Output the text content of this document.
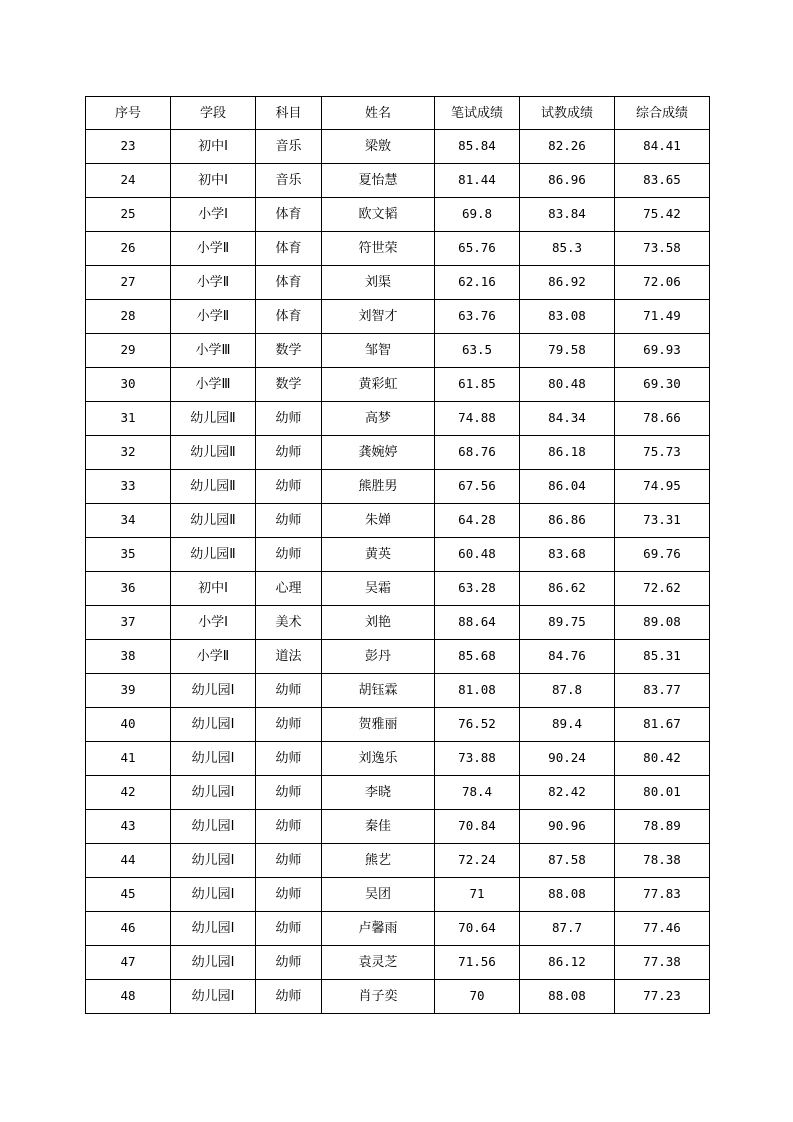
序号	学段	科目	姓名	笔试成绩	试教成绩	综合成绩
23	初中Ⅰ	音乐	梁敫	85.84	82.26	84.41
24	初中Ⅰ	音乐	夏怡慧	81.44	86.96	83.65
25	小学Ⅰ	体育	欧文韬	69.8	83.84	75.42
26	小学Ⅱ	体育	符世荣	65.76	85.3	73.58
27	小学Ⅱ	体育	刘渠	62.16	86.92	72.06
28	小学Ⅱ	体育	刘智才	63.76	83.08	71.49
29	小学Ⅲ	数学	邹智	63.5	79.58	69.93
30	小学Ⅲ	数学	黄彩虹	61.85	80.48	69.30
31	幼儿园Ⅱ	幼师	高梦	74.88	84.34	78.66
32	幼儿园Ⅱ	幼师	龚婉婷	68.76	86.18	75.73
33	幼儿园Ⅱ	幼师	熊胜男	67.56	86.04	74.95
34	幼儿园Ⅱ	幼师	朱婵	64.28	86.86	73.31
35	幼儿园Ⅱ	幼师	黄英	60.48	83.68	69.76
36	初中Ⅰ	心理	吴霜	63.28	86.62	72.62
37	小学Ⅰ	美术	刘艳	88.64	89.75	89.08
38	小学Ⅱ	道法	彭丹	85.68	84.76	85.31
39	幼儿园Ⅰ	幼师	胡钰霖	81.08	87.8	83.77
40	幼儿园Ⅰ	幼师	贺雅丽	76.52	89.4	81.67
41	幼儿园Ⅰ	幼师	刘逸乐	73.88	90.24	80.42
42	幼儿园Ⅰ	幼师	李晓	78.4	82.42	80.01
43	幼儿园Ⅰ	幼师	秦佳	70.84	90.96	78.89
44	幼儿园Ⅰ	幼师	熊艺	72.24	87.58	78.38
45	幼儿园Ⅰ	幼师	吴团	71	88.08	77.83
46	幼儿园Ⅰ	幼师	卢馨雨	70.64	87.7	77.46
47	幼儿园Ⅰ	幼师	袁灵芝	71.56	86.12	77.38
48	幼儿园Ⅰ	幼师	肖子奕	70	88.08	77.23
